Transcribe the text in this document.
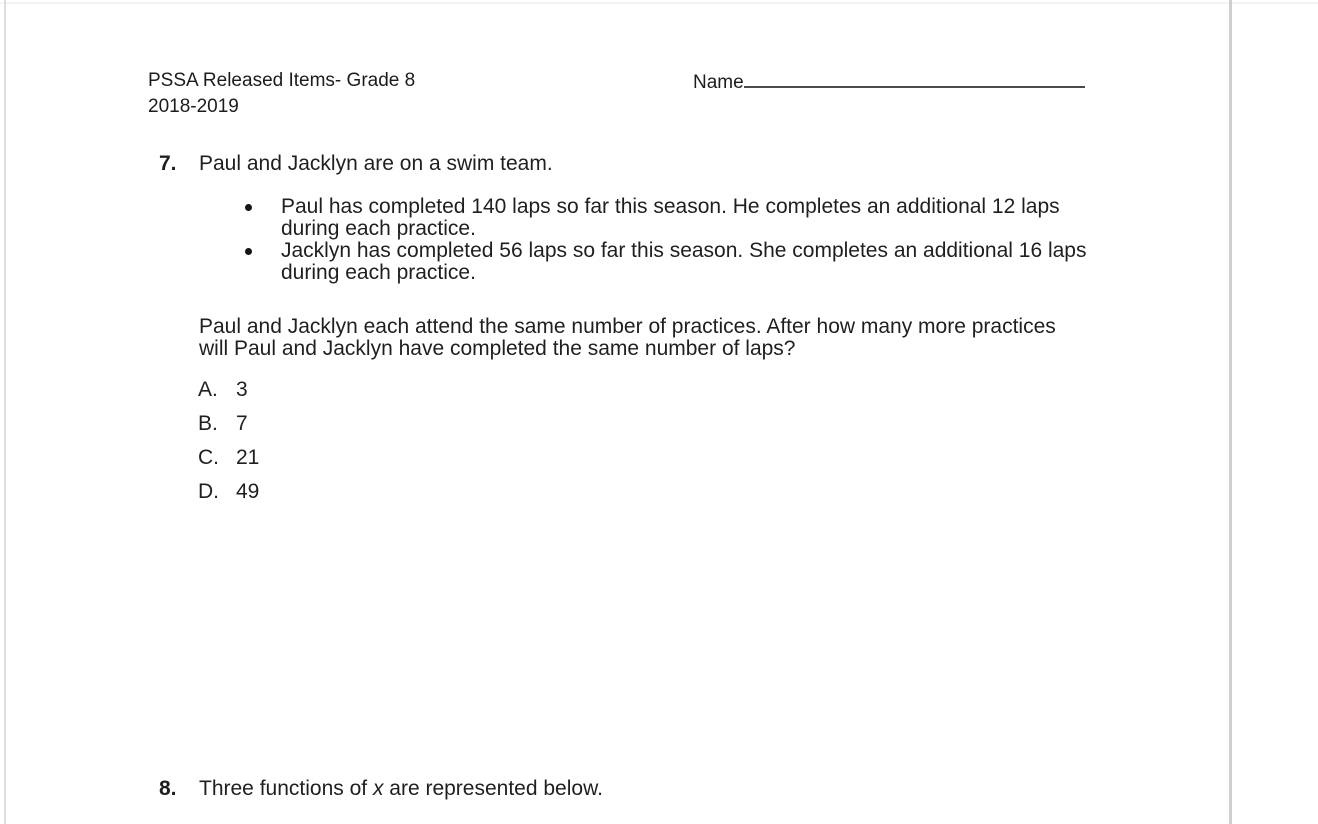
PSSA Released Items- Grade 8
2018-2019
Name
7. Paul and Jacklyn are on a swim team.
Paul has completed 140 laps so far this season. He completes an additional 12 laps during each practice.
Jacklyn has completed 56 laps so far this season. She completes an additional 16 laps during each practice.
Paul and Jacklyn each attend the same number of practices. After how many more practices will Paul and Jacklyn have completed the same number of laps?
A. 3
B. 7
C. 21
D. 49
8. Three functions of x are represented below.
